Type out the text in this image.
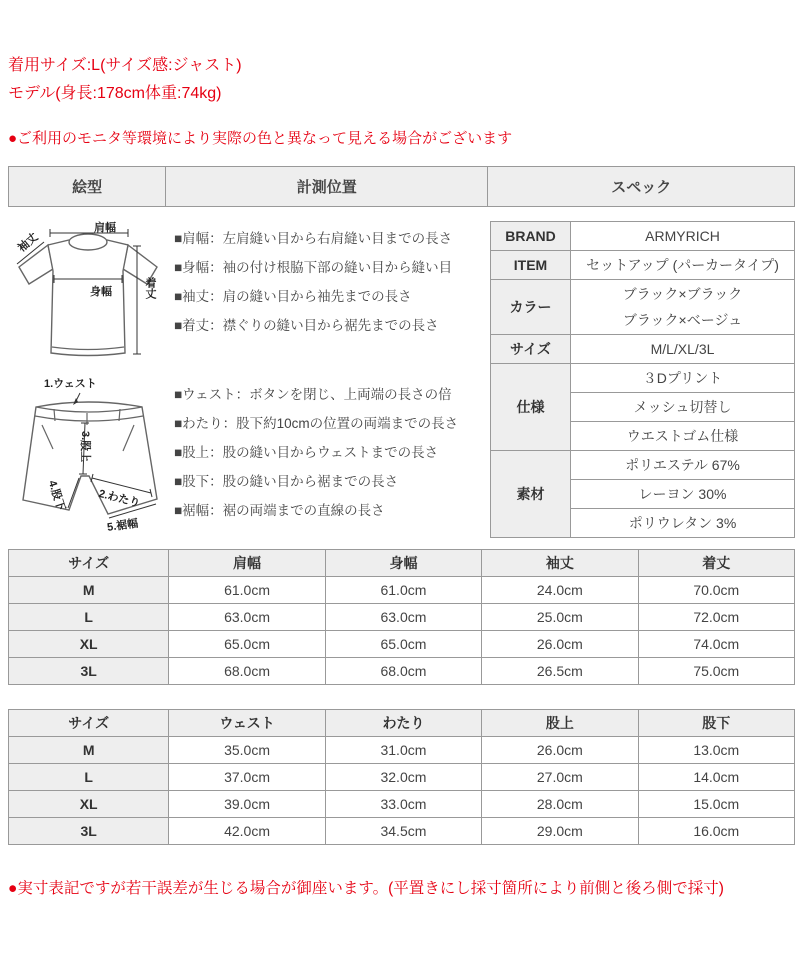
着用サイズ:L(サイズ感:ジャスト)
モデル(身長:178cm体重:74kg)
●ご利用のモニタ等環境により実際の色と異なって見える場合がございます
絵型	計測位置	スペック
肩幅
袖丈
身幅	着丈
1.ウェスト
3.股上
4.股下	2.わたり
5.裾幅
■肩幅：左肩縫い目から右肩縫い目までの長さ
■身幅：袖の付け根脇下部の縫い目から縫い目
■袖丈：肩の縫い目から袖先までの長さ
■着丈：襟ぐりの縫い目から裾先までの長さ
■ウェスト：ボタンを閉じ、上両端の長さの倍
■わたり：股下約10cmの位置の両端までの長さ
■股上：股の縫い目からウェストまでの長さ
■股下：股の縫い目から裾までの長さ
■裾幅：裾の両端までの直線の長さ
BRAND	ARMYRICH
ITEM	セットアップ (パーカータイプ)
カラー	ブラック×ブラック
ブラック×ベージュ

サイズ	M/L/XL/3L
仕様	３Dプリント
	メッシュ切替し
	ウエストゴム仕様
素材	ポリエステル 67%
	レーヨン 30%
	ポリウレタン 3%
サイズ	肩幅	身幅	袖丈	着丈
M	61.0cm	61.0cm	24.0cm	70.0cm
L	63.0cm	63.0cm	25.0cm	72.0cm
XL	65.0cm	65.0cm	26.0cm	74.0cm
3L	68.0cm	68.0cm	26.5cm	75.0cm
サイズ	ウェスト	わたり	股上	股下
M	35.0cm	31.0cm	26.0cm	13.0cm
L	37.0cm	32.0cm	27.0cm	14.0cm
XL	39.0cm	33.0cm	28.0cm	15.0cm
3L	42.0cm	34.5cm	29.0cm	16.0cm
●実寸表記ですが若干誤差が生じる場合が御座います。(平置きにし採寸箇所により前側と後ろ側で採寸)
